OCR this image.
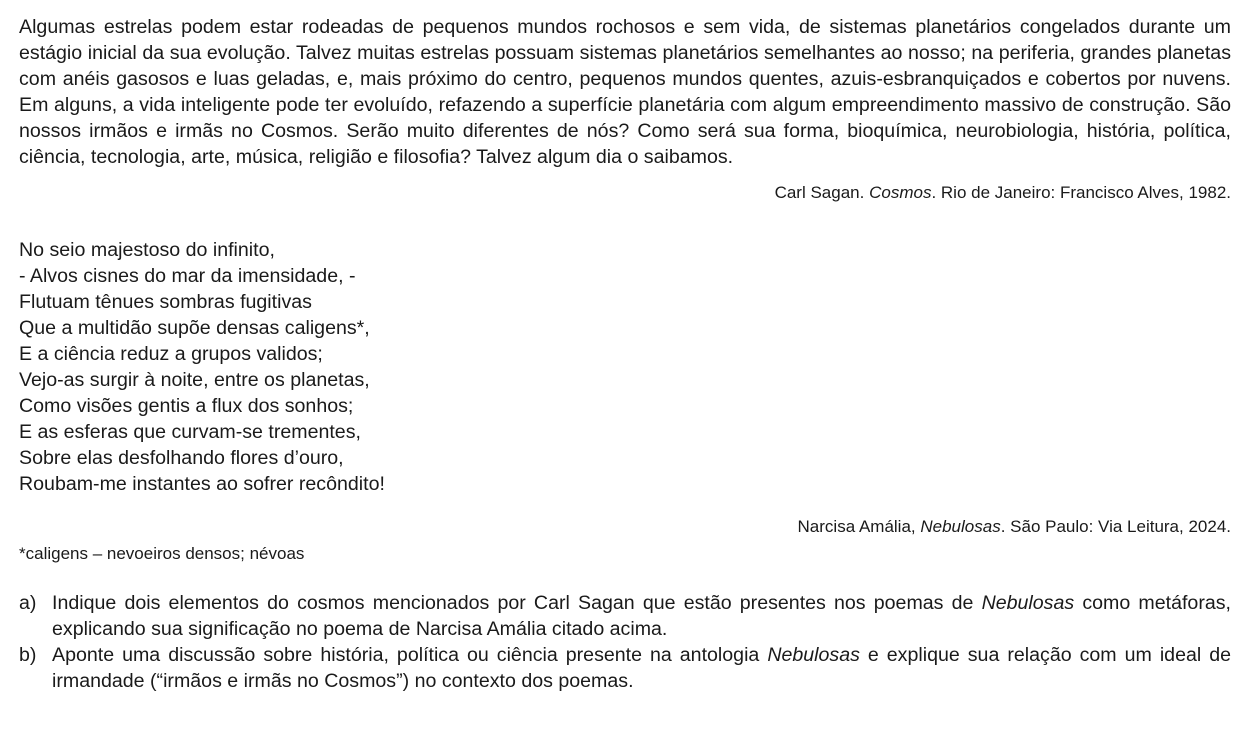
Algumas estrelas podem estar rodeadas de pequenos mundos rochosos e sem vida, de sistemas planetários congelados durante um estágio inicial da sua evolução. Talvez muitas estrelas possuam sistemas planetários semelhantes ao nosso; na periferia, grandes planetas com anéis gasosos e luas geladas, e, mais próximo do centro, pequenos mundos quentes, azuis-esbranquiçados e cobertos por nuvens. Em alguns, a vida inteligente pode ter evoluído, refazendo a superfície planetária com algum empreendimento massivo de construção. São nossos irmãos e irmãs no Cosmos. Serão muito diferentes de nós? Como será sua forma, bioquímica, neurobiologia, história, política, ciência, tecnologia, arte, música, religião e filosofia? Talvez algum dia o saibamos.

Carl Sagan. Cosmos. Rio de Janeiro: Francisco Alves, 1982.

No seio majestoso do infinito,
- Alvos cisnes do mar da imensidade, -
Flutuam tênues sombras fugitivas
Que a multidão supõe densas caligens*,
E a ciência reduz a grupos validos;
Vejo-as surgir à noite, entre os planetas,
Como visões gentis a flux dos sonhos;
E as esferas que curvam-se trementes,
Sobre elas desfolhando flores d’ouro,
Roubam-me instantes ao sofrer recôndito!

Narcisa Amália, Nebulosas. São Paulo: Via Leitura, 2024.

*caligens – nevoeiros densos; névoas

a) Indique dois elementos do cosmos mencionados por Carl Sagan que estão presentes nos poemas de Nebulosas como metáforas, explicando sua significação no poema de Narcisa Amália citado acima.
b) Aponte uma discussão sobre história, política ou ciência presente na antologia Nebulosas e explique sua relação com um ideal de irmandade (“irmãos e irmãs no Cosmos”) no contexto dos poemas.
